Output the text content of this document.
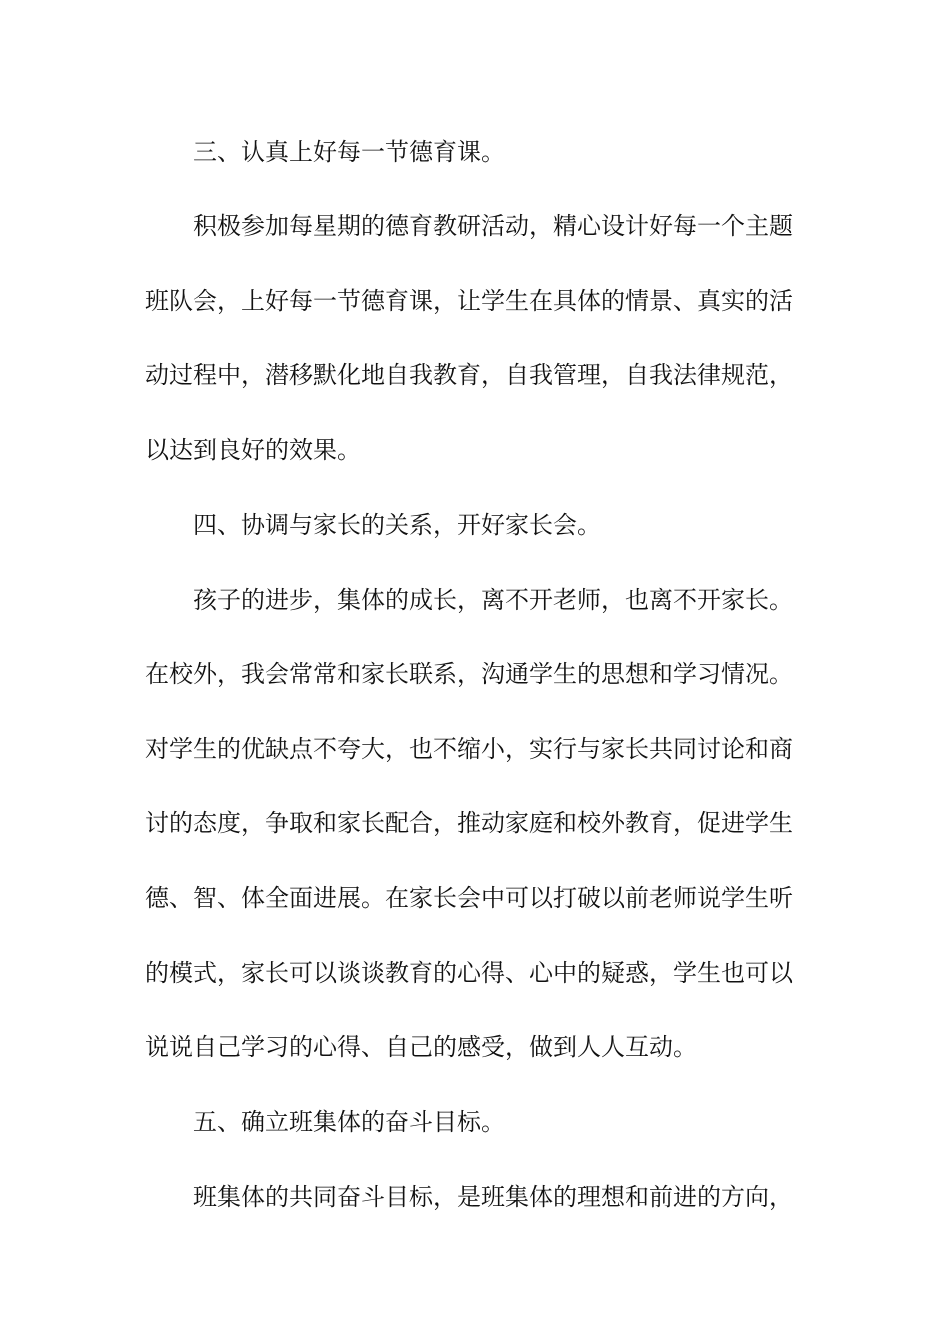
三、认真上好每一节德育课。
积极参加每星期的德育教研活动，精心设计好每一个主题
班队会，上好每一节德育课，让学生在具体的情景、真实的活
动过程中，潜移默化地自我教育，自我管理，自我法律规范，
以达到良好的效果。
四、协调与家长的关系，开好家长会。
孩子的进步，集体的成长，离不开老师，也离不开家长。
在校外，我会常常和家长联系，沟通学生的思想和学习情况。
对学生的优缺点不夸大，也不缩小，实行与家长共同讨论和商
讨的态度，争取和家长配合，推动家庭和校外教育，促进学生
德、智、体全面进展。在家长会中可以打破以前老师说学生听
的模式，家长可以谈谈教育的心得、心中的疑惑，学生也可以
说说自己学习的心得、自己的感受，做到人人互动。
五、确立班集体的奋斗目标。
班集体的共同奋斗目标，是班集体的理想和前进的方向，
